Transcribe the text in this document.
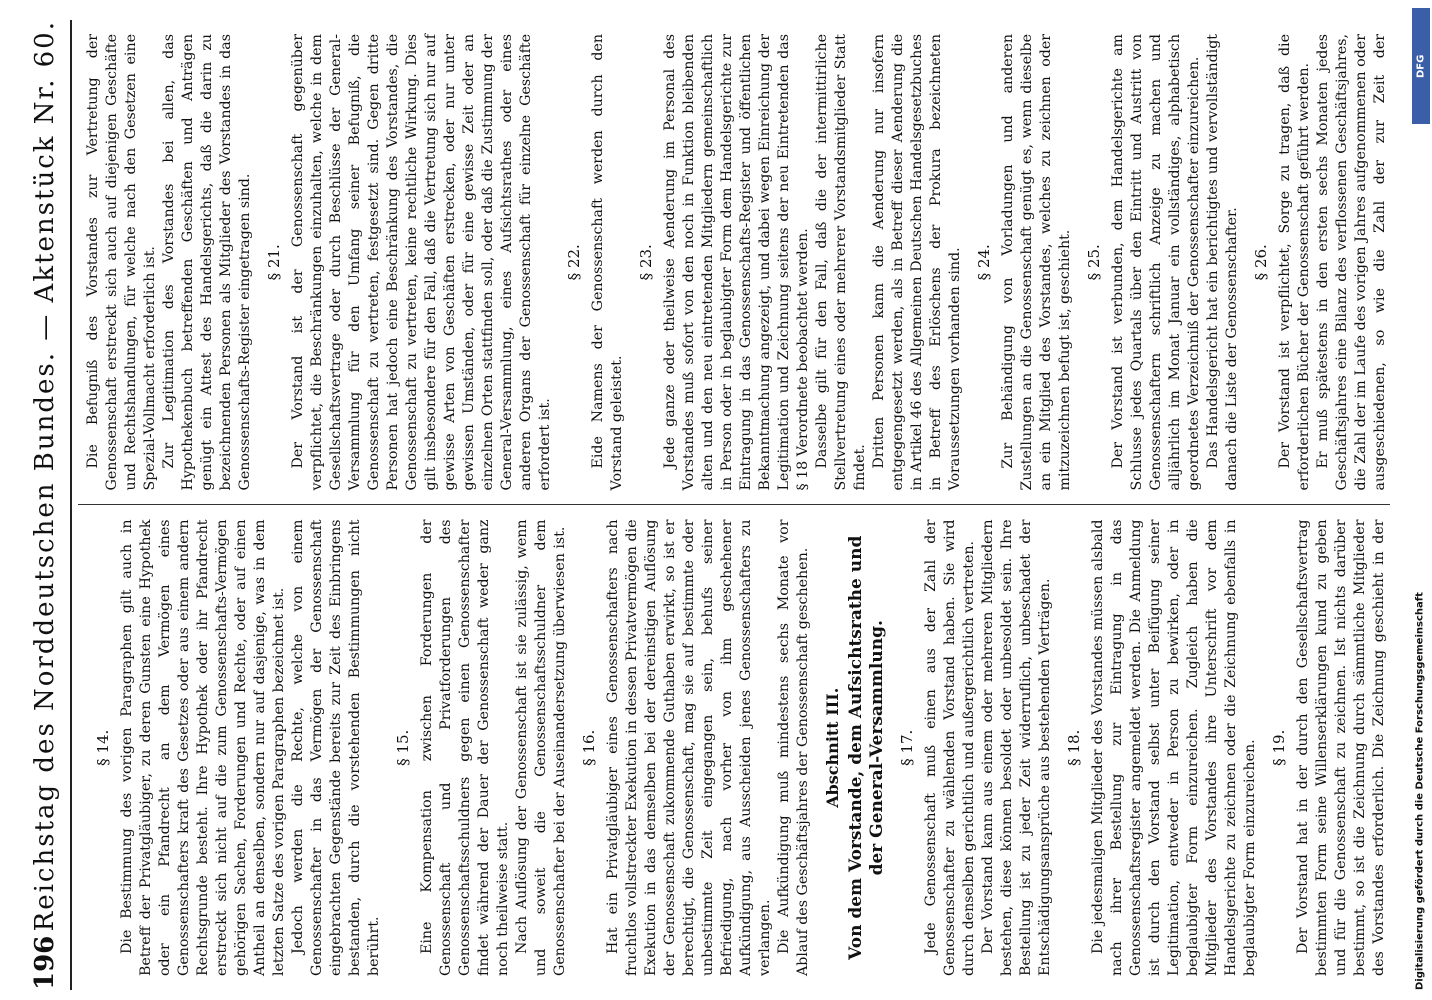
196
Reichstag des Norddeutschen Bundes. — Aktenstück Nr. 60. § 14. Die Bestimmung des vorigen Paragraphen gilt auch in Betreff der Privatgläubiger, zu deren Gunsten eine Hypothek oder ein Pfandrecht an dem Vermögen eines Genossenschafters kraft des Gesetzes oder aus einem andern Rechtsgrunde besteht. Ihre Hypothek oder ihr Pfandrecht erstreckt sich nicht auf die zum Genossenschafts-Vermögen gehörigen Sachen, Forderungen und Rechte, oder auf einen Antheil an denselben, sondern nur auf dasjenige, was in dem letzten Satze des vorigen Paragraphen bezeichnet ist. Jedoch werden die Rechte, welche von einem Genossenschafter in das Vermögen der Genossenschaft eingebrachten Gegenstände bereits zur Zeit des Einbringens bestanden, durch die vorstehenden Bestimmungen nicht berührt.
§ 15. Eine Kompensation zwischen Forderungen der Genossenschaft und Privatforderungen des Genossenschaftsschuldners gegen einen Genossenschafter findet während der Dauer der Genossenschaft weder ganz noch theilweise statt. Nach Auflösung der Genossenschaft ist sie zulässig, wenn und soweit die Genossenschaftsschuldner dem Genossenschafter bei der Auseinandersetzung überwiesen ist. § 16. Hat ein Privatgläubiger eines Genossenschafters nach fruchtlos vollstreckter Exekution in dessen Privatvermögen die Exekution in das demselben bei der dereinstigen Auflösung der Genossenschaft zukommende Guthaben erwirkt, so ist er berechtigt, die Genossenschaft, mag sie auf bestimmte oder unbestimmte Zeit eingegangen sein, behufs seiner Befriedigung, nach vorher von ihm geschehener Aufkündigung, aus Ausscheiden jenes Genossenschafters zu verlangen. Die Aufkündigung muß mindestens sechs Monate vor Ablauf des Geschäftsjahres der Genossenschaft geschehen. Abschnitt III. Von dem Vorstande, dem Aufsichtsrathe und der General-Versammlung. § 17. Jede Genossenschaft muß einen aus der Zahl der Genossenschafter zu wählenden Vorstand haben. Sie wird durch denselben gerichtlich und außergerichtlich vertreten. Der Vorstand kann aus einem oder mehreren Mitgliedern bestehen, diese können besoldet oder unbesoldet sein. Ihre Bestellung ist zu jeder Zeit widerruflich, unbeschadet der Entschädigungsansprüche aus bestehenden Verträgen. § 18. Die jedesmaligen Mitglieder des Vorstandes müssen alsbald nach ihrer Bestellung zur Eintragung in das Genossenschaftsregister angemeldet werden. Die Anmeldung ist durch den Vorstand selbst unter Beifügung seiner Legitimation, entweder in Person zu bewirken, oder in beglaubigter Form einzureichen. Zugleich haben die Mitglieder des Vorstandes ihre Unterschrift vor dem Handelsgerichte zu zeichnen oder die Zeichnung ebenfalls in beglaubigter Form einzureichen. § 19.
Der Vorstand hat in der durch den Gesellschaftsvertrag bestimmten Form seine Willenserklärungen kund zu geben und für die Genossenschaft zu zeichnen. Ist nichts darüber bestimmt, so ist die Zeichnung durch sämmtliche Mitglieder des Vorstandes erforderlich. Die Zeichnung geschieht in der
Die Befugniß des Vorstandes zur Vertretung der Genossenschaft erstreckt sich auch auf diejenigen Geschäfte und Rechtshandlungen, für welche nach den Gesetzen eine Spezial-Vollmacht erforderlich ist. Zur Legitimation des Vorstandes bei allen, das Hypothekenbuch betreffenden Geschäften und Anträgen genügt ein Attest des Handelsgerichts, daß die darin zu bezeichnenden Personen als Mitglieder des Vorstandes in das Genossenschafts-Register eingetragen sind. § 21. Der Vorstand ist der Genossenschaft gegenüber verpflichtet, die Beschränkungen einzuhalten, welche in dem Gesellschaftsvertrage oder durch Beschlüsse der General-Versammlung für den Umfang seiner Befugniß, die Genossenschaft zu vertreten, festgesetzt sind. Gegen dritte Personen hat jedoch eine Beschränkung des Vorstandes, die Genossenschaft zu vertreten, keine rechtliche Wirkung. Dies gilt insbesondere für den Fall, daß die Vertretung sich nur auf gewisse Arten von Geschäften erstrecken, oder nur unter gewissen Umständen, oder für eine gewisse Zeit oder an einzelnen Orten stattfinden soll, oder daß die Zustimmung der General-Versammlung, eines Aufsichtsrathes oder eines anderen Organs der Genossenschaft für einzelne Geschäfte erfordert ist.
§ 22. Eide Namens der Genossenschaft werden durch den Vorstand geleistet.
§ 23. Jede ganze oder theilweise Aenderung im Personal des Vorstandes muß sofort von den noch in Funktion bleibenden alten und den neu eintretenden Mitgliedern gemeinschaftlich in Person oder in beglaubigter Form dem Handelsgerichte zur Eintragung in das Genossenschafts-Register und öffentlichen Bekanntmachung angezeigt, und dabei wegen Einreichung der Legitimation und Zeichnung seitens der neu Eintretenden das § 18 Verordnete beobachtet werden. Dasselbe gilt für den Fall, daß die der intermittirliche Stellvertretung eines oder mehrerer Vorstandsmitglieder Statt findet. Dritten Personen kann die Aenderung nur insofern entgegengesetzt werden, als in Betreff dieser Aenderung die in Artikel 46 des Allgemeinen Deutschen Handelsgesetzbuches in Betreff des Erlöschens der Prokura bezeichneten Voraussetzungen vorhanden sind. § 24. Zur Behändigung von Vorladungen und anderen Zustellungen an die Genossenschaft genügt es, wenn dieselbe an ein Mitglied des Vorstandes, welches zu zeichnen oder mitzuzeichnen befugt ist, geschieht. § 25. Der Vorstand ist verbunden, dem Handelsgerichte am Schlusse jedes Quartals über den Eintritt und Austritt von Genossenschaftern schriftlich Anzeige zu machen und alljährlich im Monat Januar ein vollständiges, alphabetisch geordnetes Verzeichniß der Genossenschafter einzureichen. Das Handelsgericht hat ein berichtigtes und vervollständigt danach die Liste der Genossenschafter. § 26. Der Vorstand ist verpflichtet, Sorge zu tragen, daß die erforderlichen Bücher der Genossenschaft geführt werden. Er muß spätestens in den ersten sechs Monaten jedes Geschäftsjahres eine Bilanz des verflossenen Geschäftsjahres, die Zahl der im Laufe des vorigen Jahres aufgenommenen oder ausgeschiedenen, so wie die Zahl der zur Zeit der
DFG
Digitalisierung gefördert durch die Deutsche Forschungsgemeinschaft
